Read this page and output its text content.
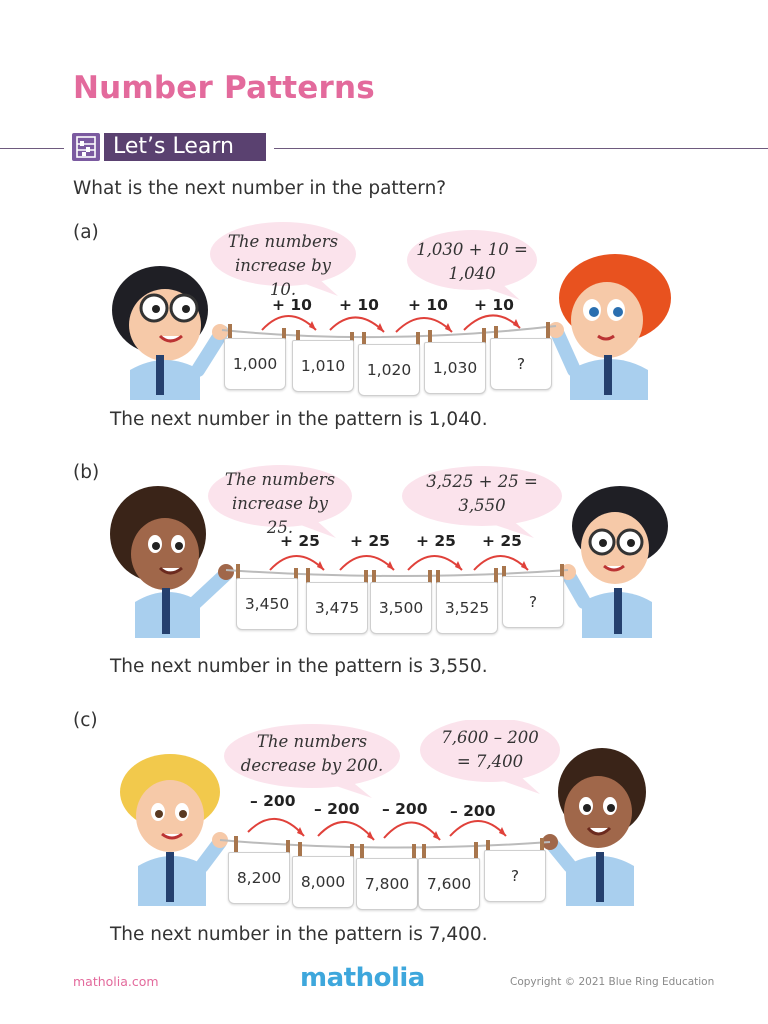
Number Patterns
Let’s Learn
What is the next number in the pattern?
(a)	The numbers
increase by 10.
1,030 + 10 =
1,040
+ 10 + 10 + 10 + 10
1,000	1,010	1,020	1,030	?
The next number in the pattern is 1,040.
(b)	The numbers
increase by 25.
3,525 + 25 =
3,550
+ 25 + 25 + 25 + 25
3,450	3,475	3,500	3,525	?
The next number in the pattern is 3,550.
(c)
The numbers
decrease by 200.
7,600 – 200
= 7,400
– 200 – 200 – 200 – 200
8,200	8,000	7,800	7,600	?
The next number in the pattern is 7,400.
matholia.com	matholia	Copyright © 2021 Blue Ring Education
